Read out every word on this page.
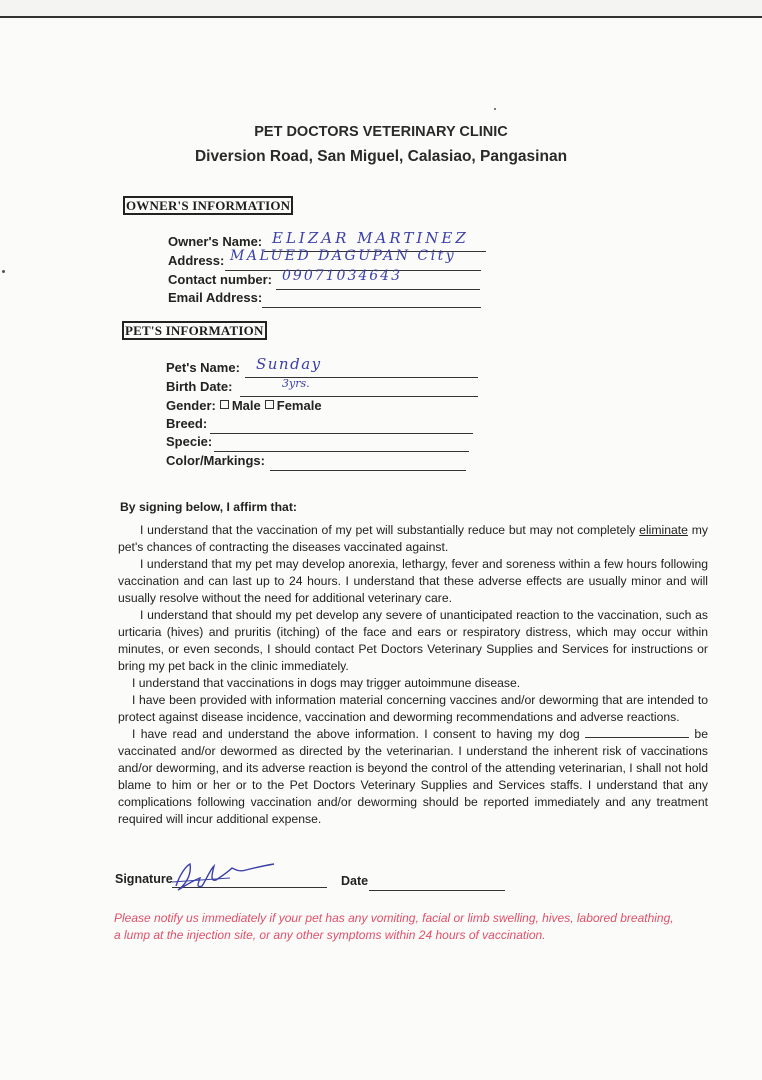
PET DOCTORS VETERINARY CLINIC
Diversion Road, San Miguel, Calasiao, Pangasinan
OWNER'S INFORMATION
Owner's Name: ELIZAR MARTINEZ
Address: MALUED DAGUPAN City
Contact number: 09071034643
Email Address:
PET'S INFORMATION
Pet's Name: Sunday
Birth Date:	3yrs.
Gender: Male Female
Breed:
Specie:
Color/Markings:
By signing below, I affirm that:

I understand that the vaccination of my pet will substantially reduce but may not completely eliminate my pet's chances of contracting the diseases vaccinated against.

I understand that my pet may develop anorexia, lethargy, fever and soreness within a few hours following vaccination and can last up to 24 hours. I understand that these adverse effects are usually minor and will usually resolve without the need for additional veterinary care.

I understand that should my pet develop any severe of unanticipated reaction to the vaccination, such as urticaria (hives) and pruritis (itching) of the face and ears or respiratory distress, which may occur within minutes, or even seconds, I should contact Pet Doctors Veterinary Supplies and Services for instructions or bring my pet back in the clinic immediately.

I understand that vaccinations in dogs may trigger autoimmune disease.

I have been provided with information material concerning vaccines and/or deworming that are intended to protect against disease incidence, vaccination and deworming recommendations and adverse reactions.

I have read and understand the above information. I consent to having my dog	be vaccinated and/or dewormed as directed by the veterinarian. I understand the inherent risk of vaccinations and/or deworming, and its adverse reaction is beyond the control of the attending veterinarian, I shall not hold blame to him or her or to the Pet Doctors Veterinary Supplies and Services staffs. I understand that any complications following vaccination and/or deworming should be reported immediately and any treatment required will incur additional expense.

Signature	Date
Please notify us immediately if your pet has any vomiting, facial or limb swelling, hives, labored breathing, a lump at the injection site, or any other symptoms within 24 hours of vaccination.
